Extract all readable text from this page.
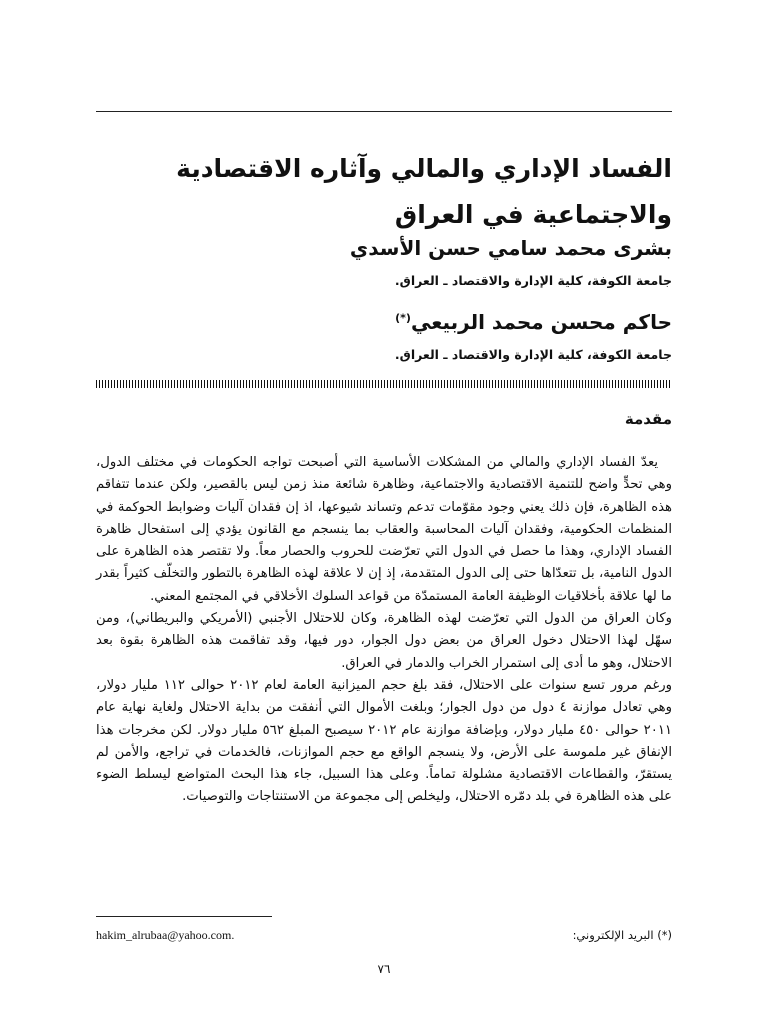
الفساد الإداري والمالي وآثاره الاقتصادية والاجتماعية في العراق

بشرى محمد سامي حسن الأسدي

جامعة الكوفة، كلية الإدارة والاقتصاد ـ العراق.

حاكم محسن محمد الربيعي(*)

جامعة الكوفة، كلية الإدارة والاقتصاد ـ العراق.

مقدمة

يعدّ الفساد الإداري والمالي من المشكلات الأساسية التي أصبحت تواجه الحكومات في مختلف الدول، وهي تحدٍّ واضح للتنمية الاقتصادية والاجتماعية، وظاهرة شائعة منذ زمن ليس بالقصير، ولكن عندما تتفاقم هذه الظاهرة، فإن ذلك يعني وجود مقوّمات تدعم وتساند شيوعها، اذ إن فقدان آليات وضوابط الحوكمة في المنظمات الحكومية، وفقدان آليات المحاسبة والعقاب بما ينسجم مع القانون يؤدي إلى استفحال ظاهرة الفساد الإداري، وهذا ما حصل في الدول التي تعرّضت للحروب والحصار معاً. ولا تقتصر هذه الظاهرة على الدول النامية، بل تتعدّاها حتى إلى الدول المتقدمة، إذ إن لا علاقة لهذه الظاهرة بالتطور والتخلّف كثيراً بقدر ما لها علاقة بأخلاقيات الوظيفة العامة المستمدّة من قواعد السلوك الأخلاقي في المجتمع المعني.

وكان العراق من الدول التي تعرّضت لهذه الظاهرة، وكان للاحتلال الأجنبي (الأمريكي والبريطاني)، ومن سهّل لهذا الاحتلال دخول العراق من بعض دول الجوار، دور فيها، وقد تفاقمت هذه الظاهرة بقوة بعد الاحتلال، وهو ما أدى إلى استمرار الخراب والدمار في العراق.

ورغم مرور تسع سنوات على الاحتلال، فقد بلغ حجم الميزانية العامة لعام ٢٠١٢ حوالى ١١٢ مليار دولار، وهي تعادل موازنة ٤ دول من دول الجوار؛ وبلغت الأموال التي أنفقت من بداية الاحتلال ولغاية نهاية عام ٢٠١١ حوالى ٤٥٠ مليار دولار، وبإضافة موازنة عام ٢٠١٢ سيصبح المبلغ ٥٦٢ مليار دولار. لكن مخرجات هذا الإنفاق غير ملموسة على الأرض، ولا ينسجم الواقع مع حجم الموازنات، فالخدمات في تراجع، والأمن لم يستقرّ، والقطاعات الاقتصادية مشلولة تماماً. وعلى هذا السبيل، جاء هذا البحث المتواضع ليسلط الضوء على هذه الظاهرة في بلد دمّره الاحتلال، وليخلص إلى مجموعة من الاستنتاجات والتوصيات.

(*) البريد الإلكتروني:
hakim_alrubaa@yahoo.com.

٧٦
